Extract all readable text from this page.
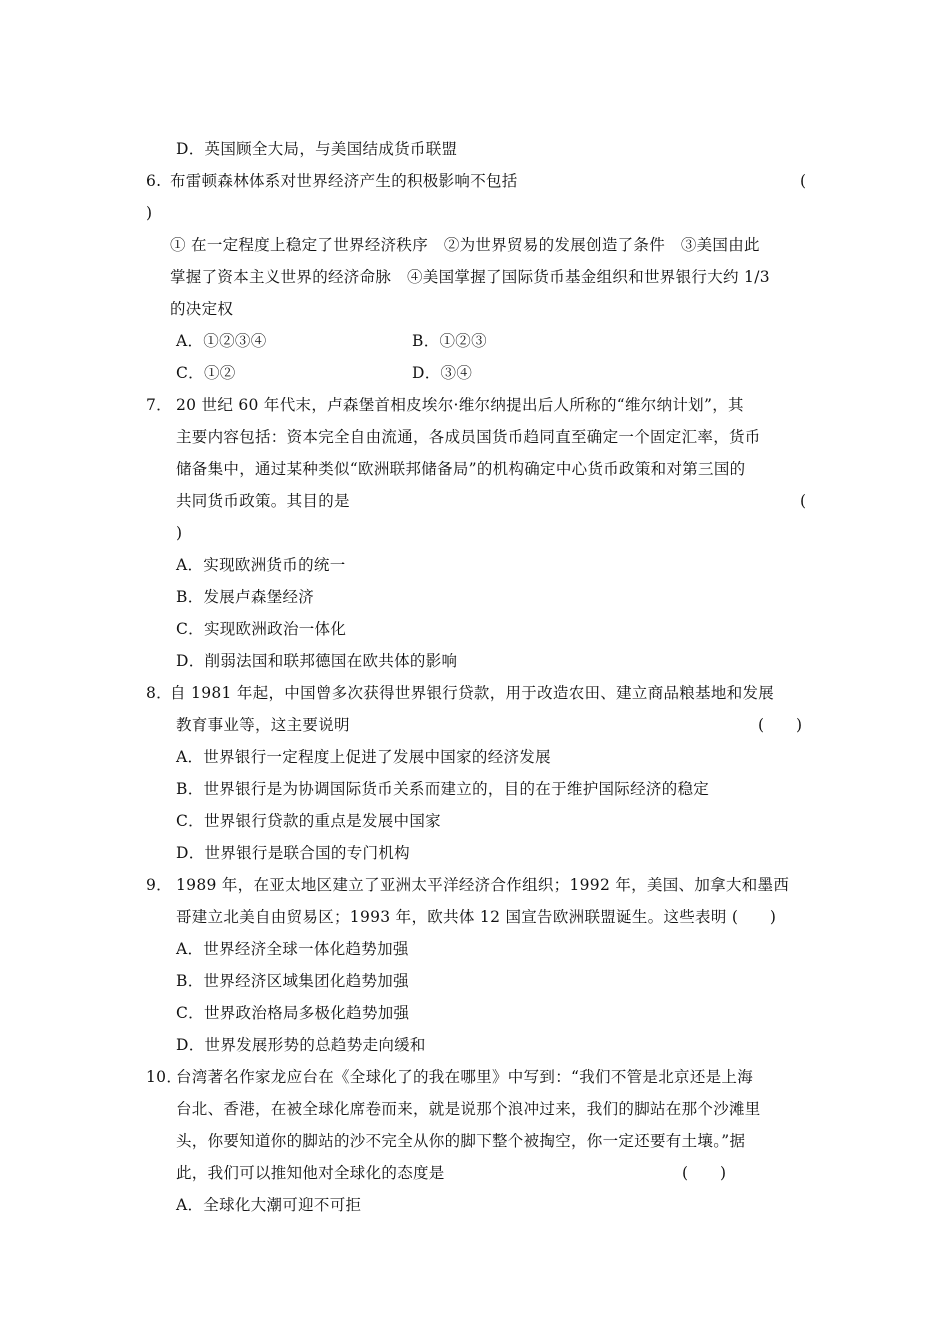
D．英国顾全大局，与美国结成货币联盟
6. 布雷顿森林体系对世界经济产生的积极影响不包括	(
)
① 在一定程度上稳定了世界经济秩序　②为世界贸易的发展创造了条件　③美国由此
掌握了资本主义世界的经济命脉　④美国掌握了国际货币基金组织和世界银行大约 1/3
的决定权
A．①②③④	B．①②③
C．①②	D．③④
7． 20 世纪 60 年代末，卢森堡首相皮埃尔·维尔纳提出后人所称的“维尔纳计划”，其
主要内容包括：资本完全自由流通，各成员国货币趋同直至确定一个固定汇率，货币
储备集中，通过某种类似“欧洲联邦储备局”的机构确定中心货币政策和对第三国的
共同货币政策。其目的是	(
)
A．实现欧洲货币的统一
B．发展卢森堡经济
C．实现欧洲政治一体化
D．削弱法国和联邦德国在欧共体的影响
8．
自 1981 年起，中国曾多次获得世界银行贷款，用于改造农田、建立商品粮基地和发展
教育事业等，这主要说明	(　　)
A．世界银行一定程度上促进了发展中国家的经济发展
B．世界银行是为协调国际货币关系而建立的，目的在于维护国际经济的稳定
C．世界银行贷款的重点是发展中国家
D．世界银行是联合国的专门机构
9． 1989 年，在亚太地区建立了亚洲太平洋经济合作组织；1992 年，美国、加拿大和墨西
哥建立北美自由贸易区；1993 年，欧共体 12 国宣告欧洲联盟诞生。这些表明 (　　)
A．世界经济全球一体化趋势加强
B．世界经济区域集团化趋势加强
C．世界政治格局多极化趋势加强
D．世界发展形势的总趋势走向缓和
10．
台湾著名作家龙应台在《全球化了的我在哪里》中写到：“我们不管是北京还是上海
台北、香港，在被全球化席卷而来，就是说那个浪冲过来，我们的脚站在那个沙滩里
头，你要知道你的脚站的沙不完全从你的脚下整个被掏空，你一定还要有土壤。”据
此，我们可以推知他对全球化的态度是	(　　)
A．全球化大潮可迎不可拒
